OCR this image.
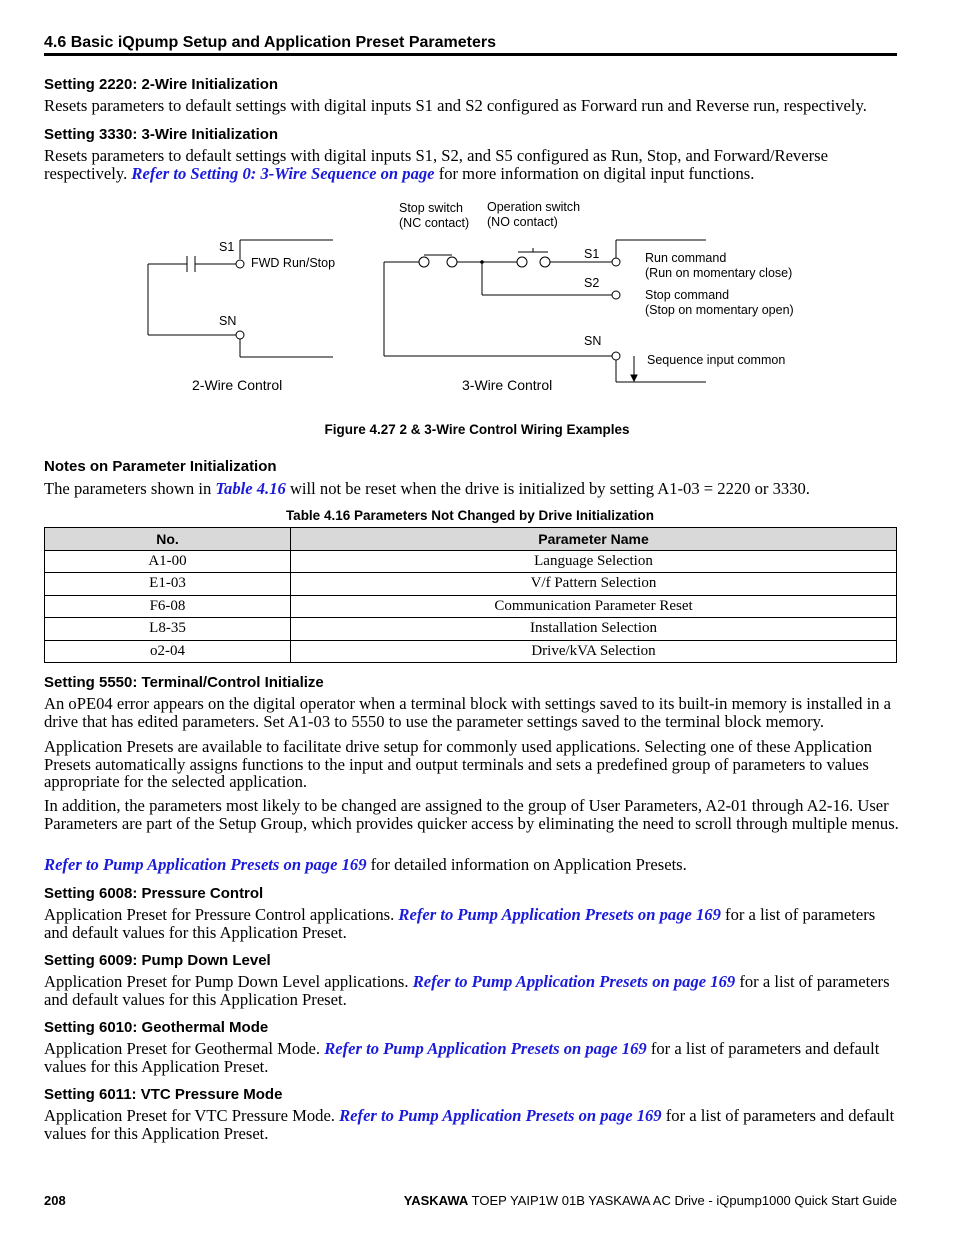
4.6 Basic iQpump Setup and Application Preset Parameters
Setting 2220: 2-Wire Initialization
Resets parameters to default settings with digital inputs S1 and S2 configured as Forward run and Reverse run, respectively.
Setting 3330: 3-Wire Initialization
Resets parameters to default settings with digital inputs S1, S2, and S5 configured as Run, Stop, and Forward/Reverse respectively. Refer to Setting 0: 3-Wire Sequence on page for more information on digital input functions.
S1
FWD Run/Stop
SN
2-Wire Control
Stop switch
(NC contact)
Operation switch
(NO contact)
S1
S2
SN
Run command
(Run on momentary close)
Stop command
(Stop on momentary open)
Sequence input common
3-Wire Control
Figure 4.27 2 & 3-Wire Control Wiring Examples
Notes on Parameter Initialization
The parameters shown in Table 4.16 will not be reset when the drive is initialized by setting A1-03 = 2220 or 3330.
Table 4.16 Parameters Not Changed by Drive Initialization
No.	Parameter Name
A1-00	Language Selection
E1-03	V/f Pattern Selection
F6-08	Communication Parameter Reset
L8-35	Installation Selection
o2-04	Drive/kVA Selection
Setting 5550: Terminal/Control Initialize
An oPE04 error appears on the digital operator when a terminal block with settings saved to its built-in memory is installed in a drive that has edited parameters. Set A1-03 to 5550 to use the parameter settings saved to the terminal block memory.
Application Presets are available to facilitate drive setup for commonly used applications. Selecting one of these Application Presets automatically assigns functions to the input and output terminals and sets a predefined group of parameters to values appropriate for the selected application.
In addition, the parameters most likely to be changed are assigned to the group of User Parameters, A2-01 through A2-16. User Parameters are part of the Setup Group, which provides quicker access by eliminating the need to scroll through multiple menus.
Refer to Pump Application Presets on page 169 for detailed information on Application Presets.
Setting 6008: Pressure Control
Application Preset for Pressure Control applications. Refer to Pump Application Presets on page 169 for a list of parameters and default values for this Application Preset.
Setting 6009: Pump Down Level
Application Preset for Pump Down Level applications. Refer to Pump Application Presets on page 169 for a list of parameters and default values for this Application Preset.
Setting 6010: Geothermal Mode
Application Preset for Geothermal Mode. Refer to Pump Application Presets on page 169 for a list of parameters and default values for this Application Preset.
Setting 6011: VTC Pressure Mode
Application Preset for VTC Pressure Mode. Refer to Pump Application Presets on page 169 for a list of parameters and default values for this Application Preset.
208	YASKAWA TOEP YAIP1W 01B YASKAWA AC Drive - iQpump1000 Quick Start Guide
